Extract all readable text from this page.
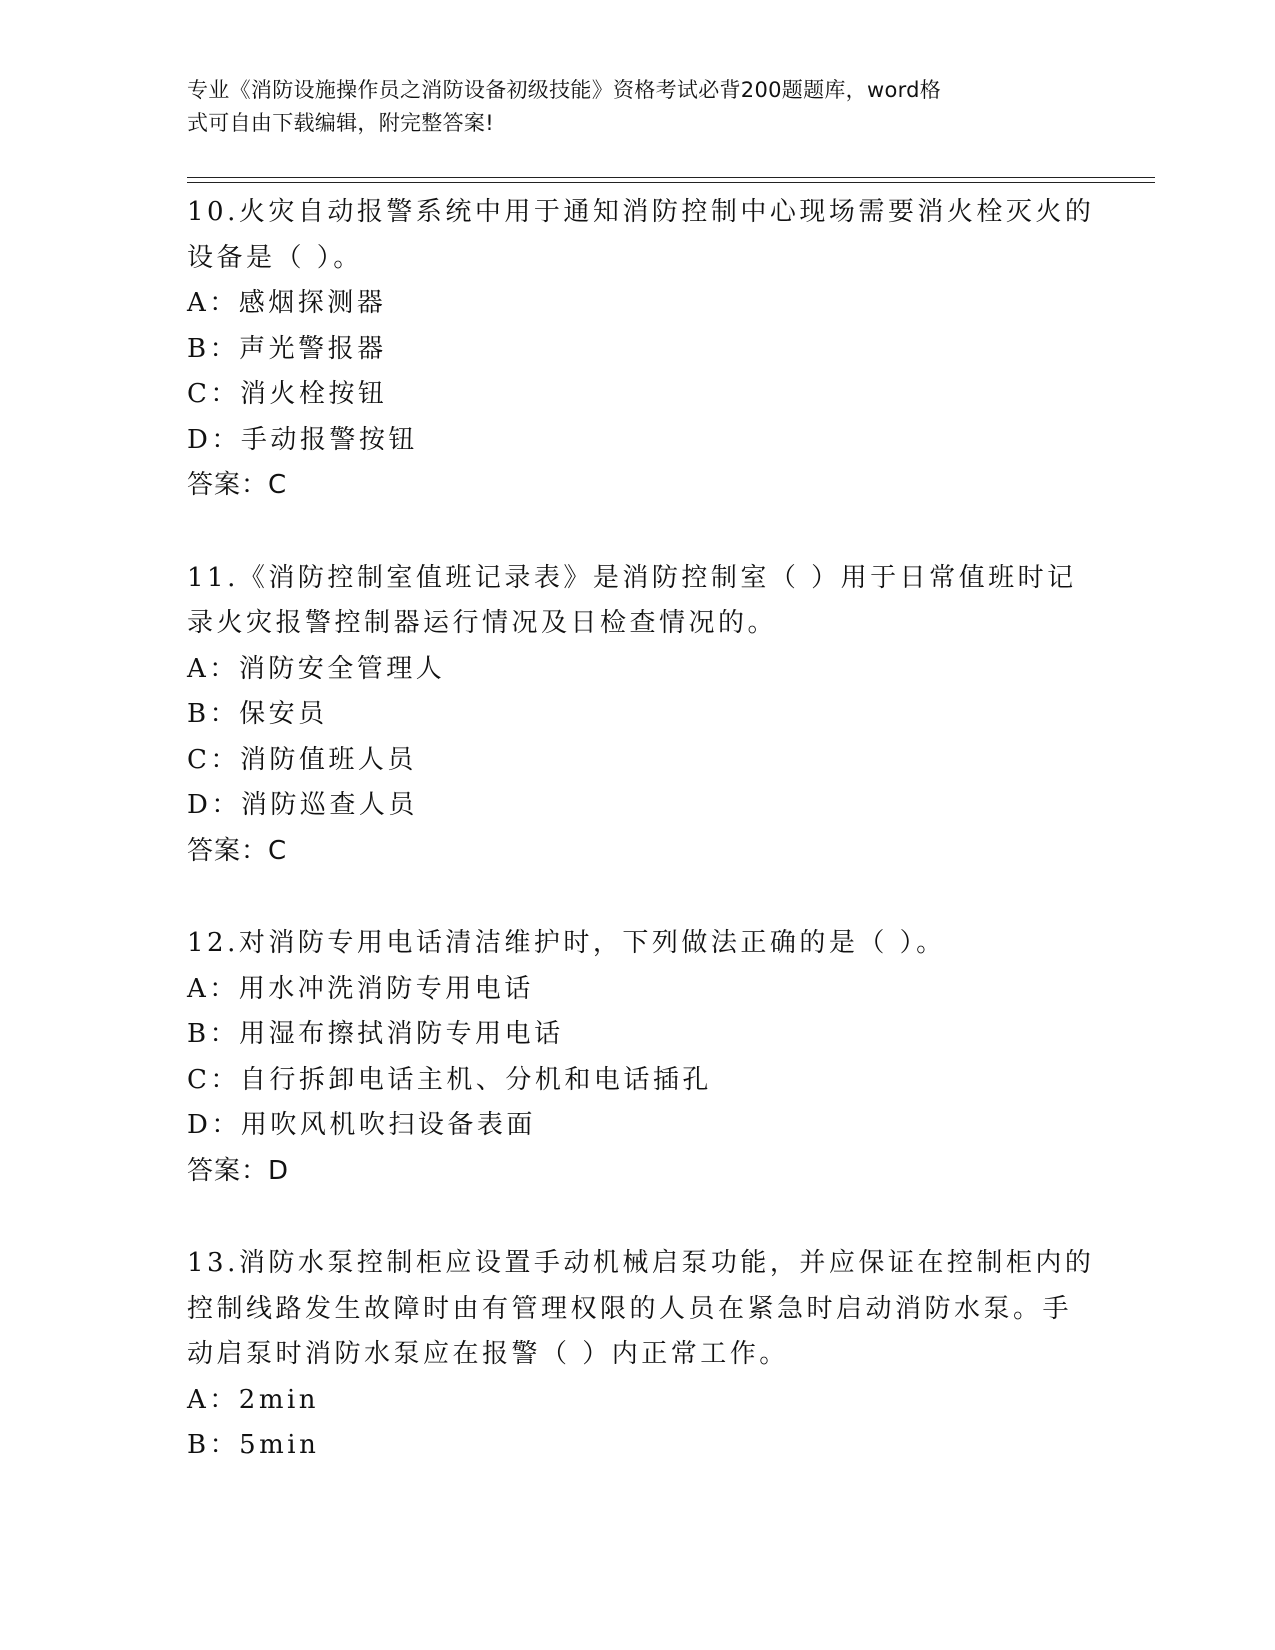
专业《消防设施操作员之消防设备初级技能》资格考试必背200题题库，word格
式可自由下载编辑，附完整答案!
10.火灾自动报警系统中用于通知消防控制中心现场需要消火栓灭火的
设备是（ ）。
A：感烟探测器
B：声光警报器
C：消火栓按钮
D：手动报警按钮
答案：C
11.《消防控制室值班记录表》是消防控制室（ ）用于日常值班时记
录火灾报警控制器运行情况及日检查情况的。
A：消防安全管理人
B：保安员
C：消防值班人员
D：消防巡查人员
答案：C
12.对消防专用电话清洁维护时，下列做法正确的是（ ）。
A：用水冲洗消防专用电话
B：用湿布擦拭消防专用电话
C：自行拆卸电话主机、分机和电话插孔
D：用吹风机吹扫设备表面
答案：D
13.消防水泵控制柜应设置手动机械启泵功能，并应保证在控制柜内的
控制线路发生故障时由有管理权限的人员在紧急时启动消防水泵。手
动启泵时消防水泵应在报警（ ）内正常工作。
A：2min
B：5min
